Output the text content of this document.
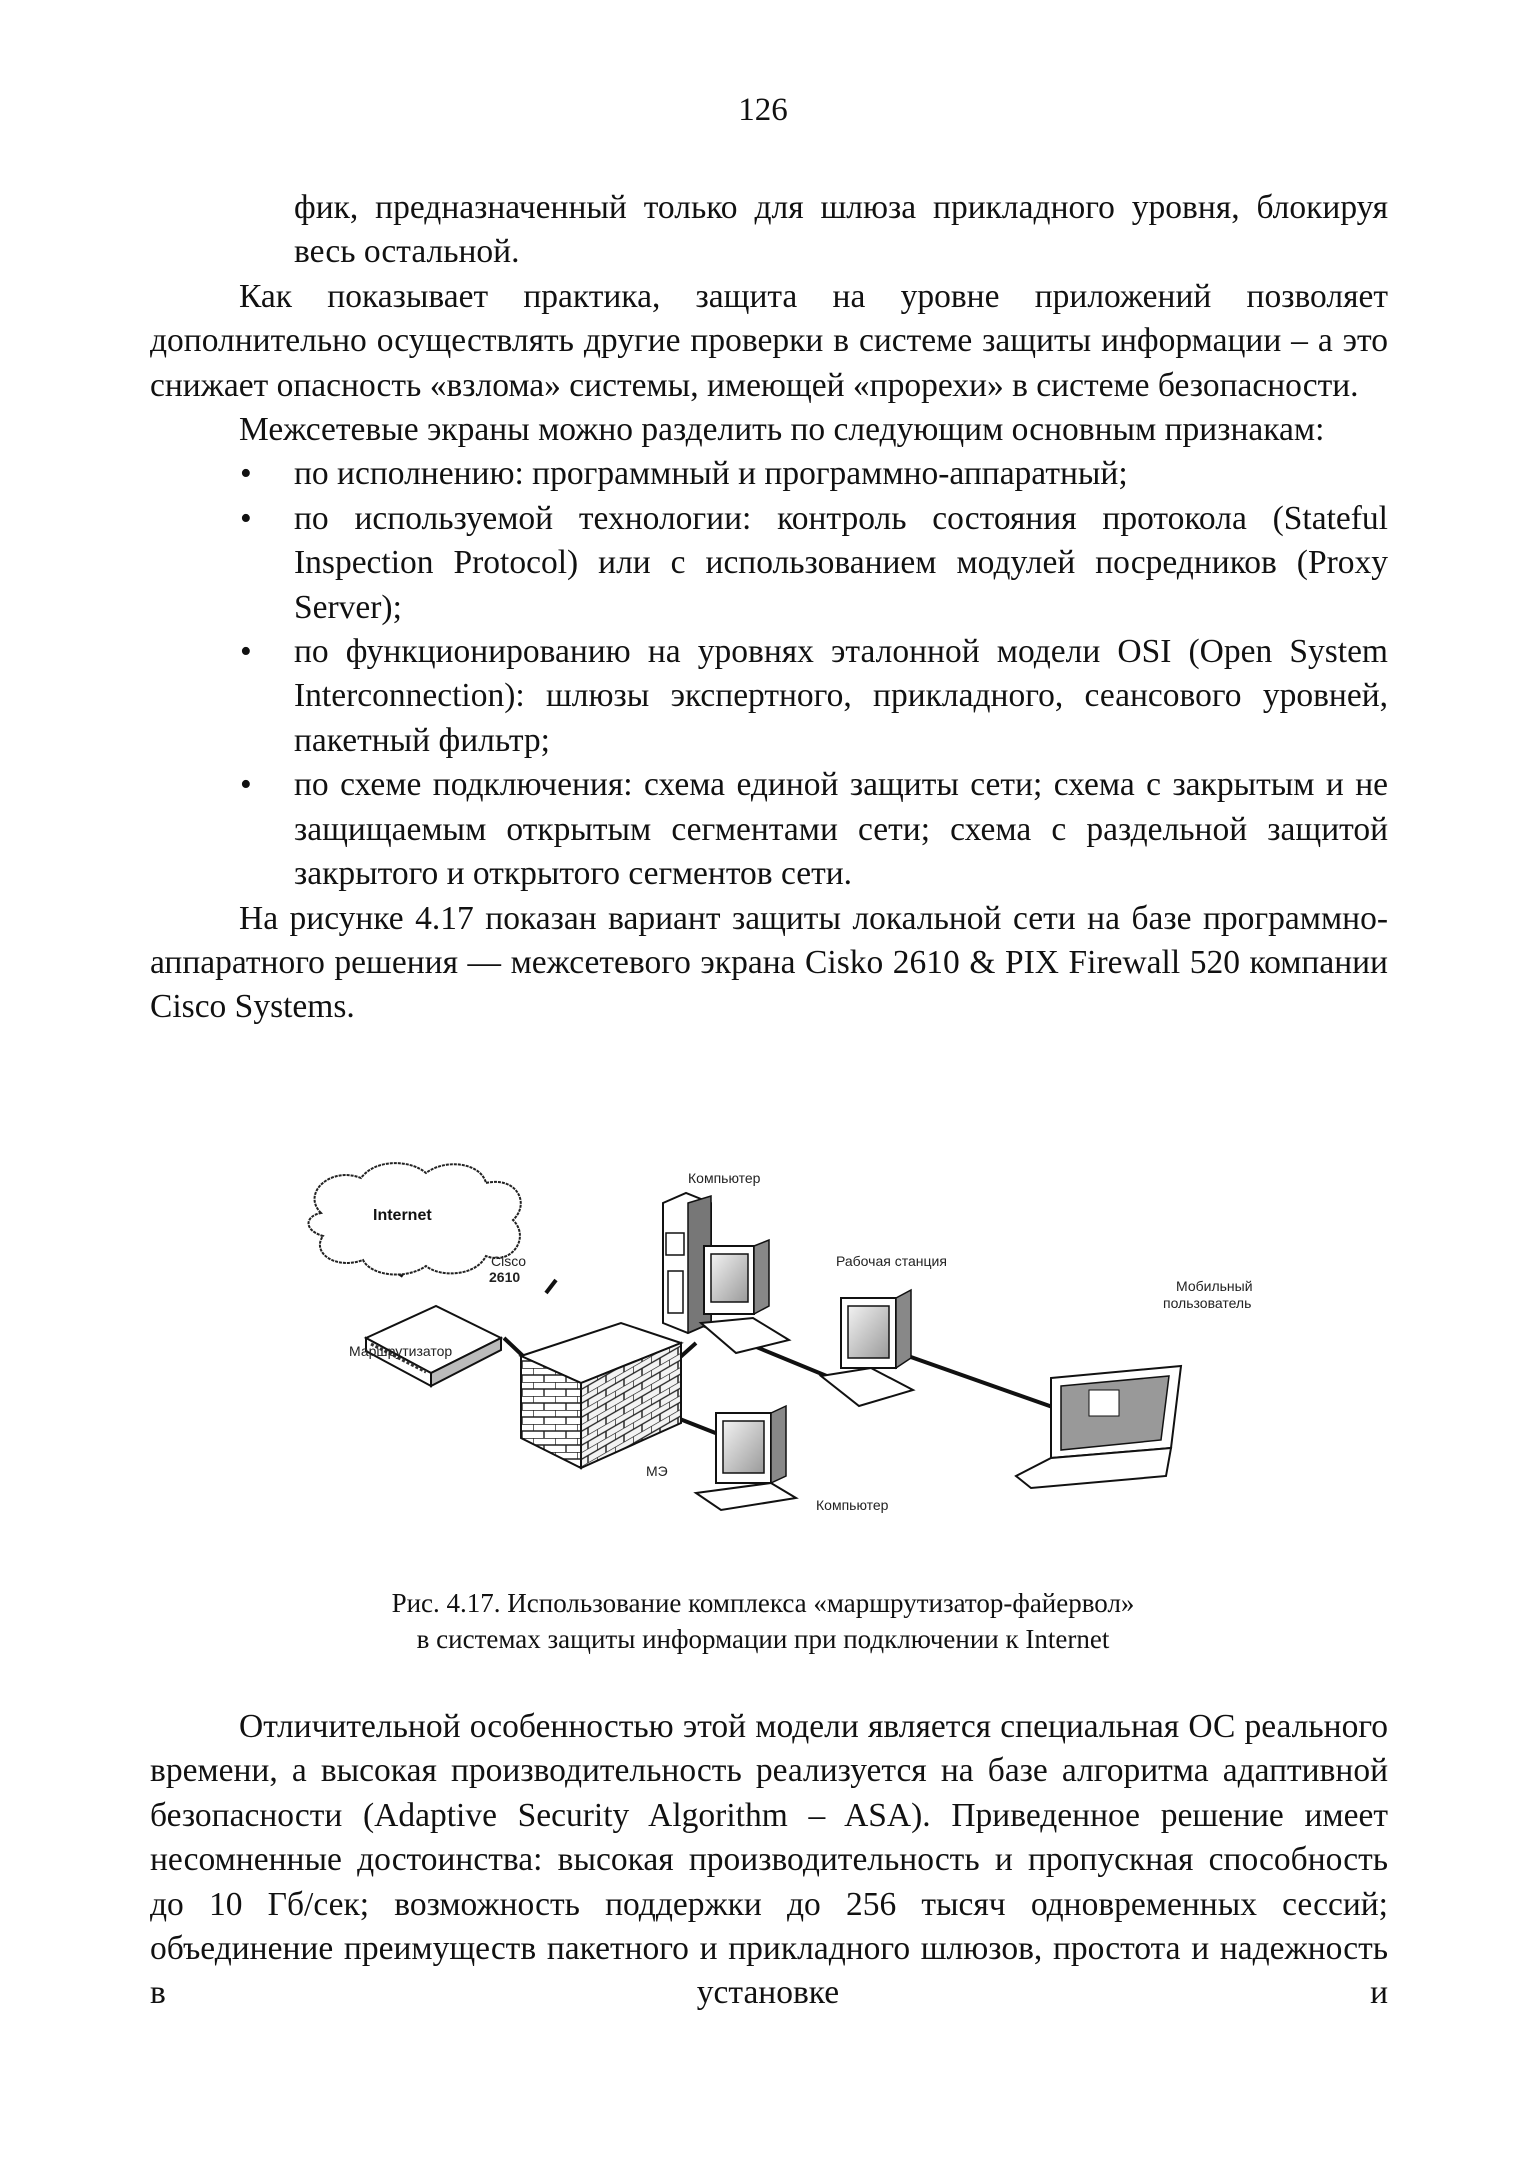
126

фик, предназначенный только для шлюза прикладного уровня, блокируя весь остальной.

Как показывает практика, защита на уровне приложений позволяет дополнительно осуществлять другие проверки в системе защиты информации – а это снижает опасность «взлома» системы, имеющей «прорехи» в системе безопасности.

Межсетевые экраны можно разделить по следующим основным признакам:

• по исполнению: программный и программно-аппаратный;
• по используемой технологии: контроль состояния протокола (Stateful Inspection Protocol) или с использованием модулей посредников (Proxy Server);
• по функционированию на уровнях эталонной модели OSI (Open System Interconnection): шлюзы экспертного, прикладного, сеансового уровней, пакетный фильтр;
• по схеме подключения: схема единой защиты сети; схема с закрытым и не защищаемым открытым сегментами сети; схема с раздельной защитой закрытого и открытого сегментов сети.

На рисунке 4.17 показан вариант защиты локальной сети на базе программно-аппаратного решения — межсетевого экрана Cisko 2610 & PIX Firewall 520 компании Cisco Systems.

Internet
Cisco
2610
Маршрутизатор
МЭ
Компьютер
Рабочая станция
Мобильный
пользователь
Компьютер
Рис. 4.17. Использование комплекса «маршрутизатор-файервол»
в системах защиты информации при подключении к Internet

Отличительной особенностью этой модели является специальная ОС реального времени, а высокая производительность реализуется на базе алгоритма адаптивной безопасности (Adaptive Security Algorithm – ASA). Приведенное решение имеет несомненные достоинства: высокая производительность и пропускная способность до 10 Гб/сек; возможность поддержки до 256 тысяч одновременных сессий; объединение преимуществ пакетного и прикладного шлюзов, простота и надежность в установке и
